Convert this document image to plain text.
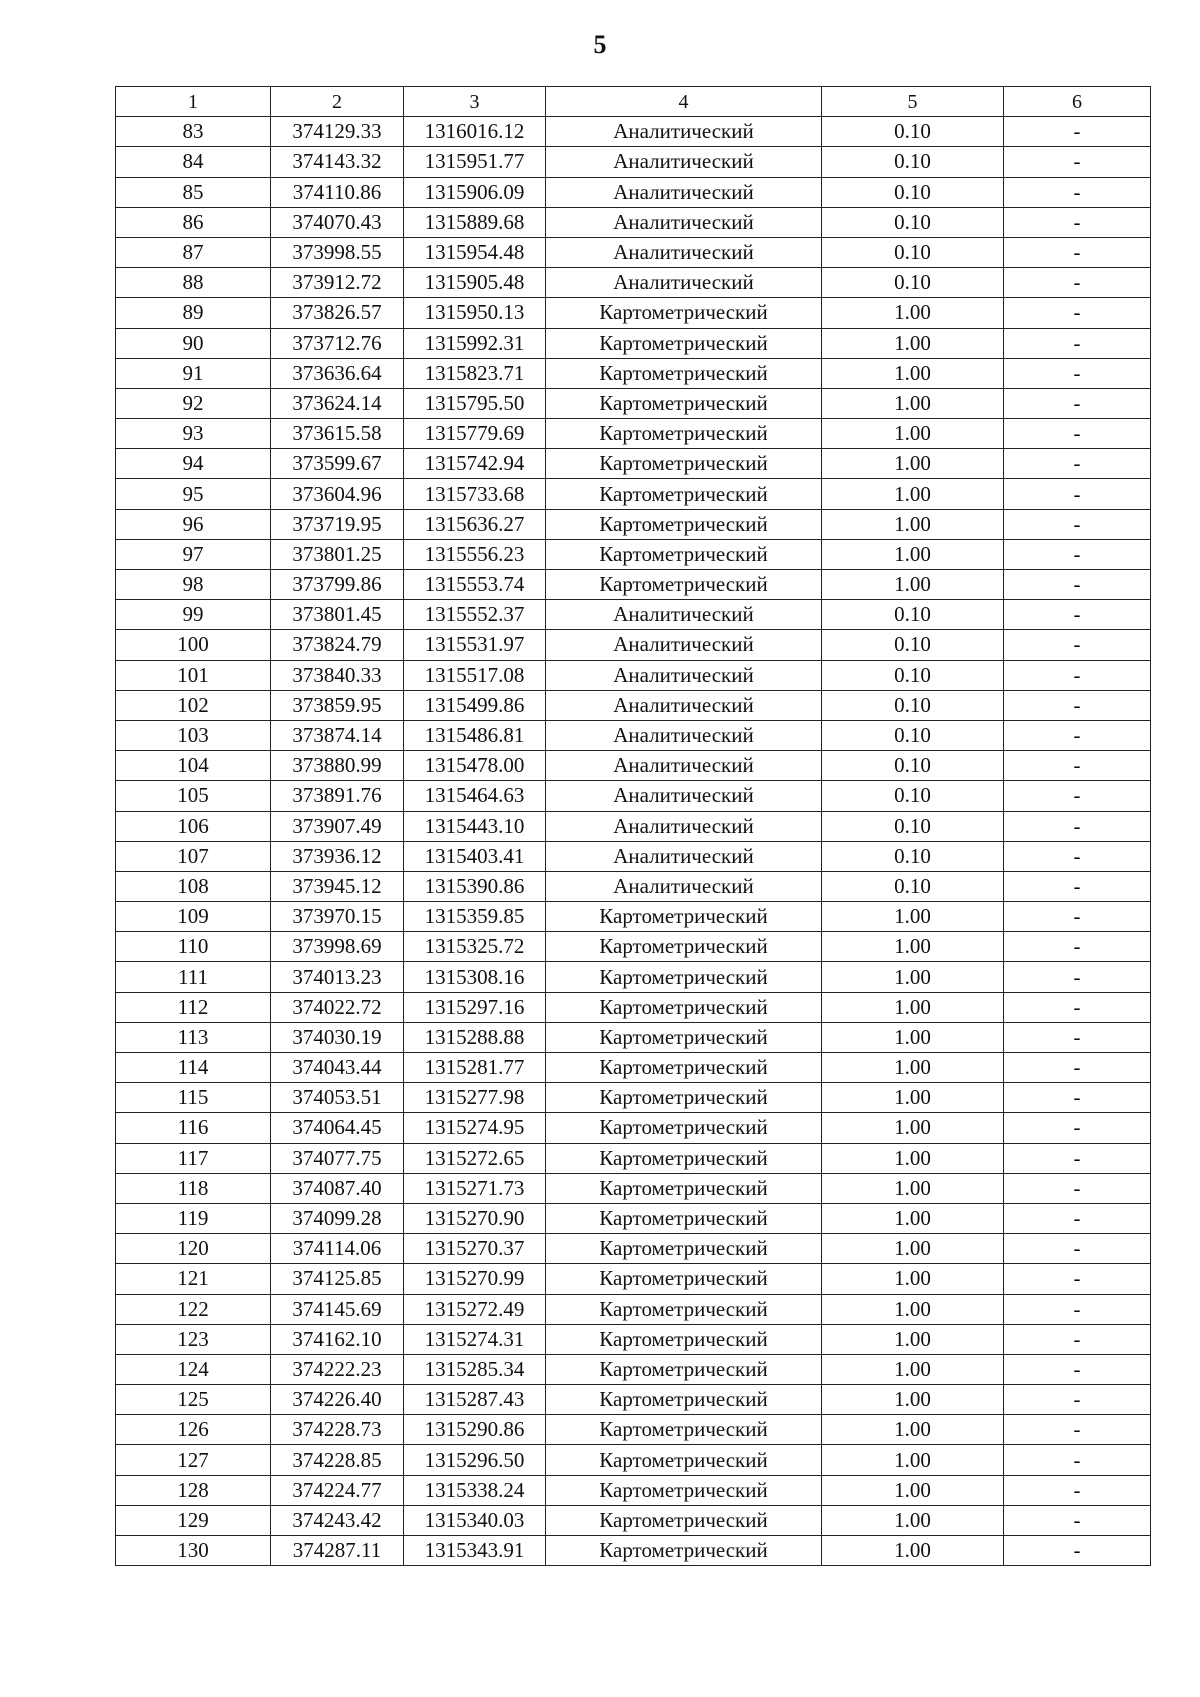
5
1	2	3	4	5	6
83	374129.33	1316016.12	Аналитический	0.10	-
84	374143.32	1315951.77	Аналитический	0.10	-
85	374110.86	1315906.09	Аналитический	0.10	-
86	374070.43	1315889.68	Аналитический	0.10	-
87	373998.55	1315954.48	Аналитический	0.10	-
88	373912.72	1315905.48	Аналитический	0.10	-
89	373826.57	1315950.13	Картометрический	1.00	-
90	373712.76	1315992.31	Картометрический	1.00	-
91	373636.64	1315823.71	Картометрический	1.00	-
92	373624.14	1315795.50	Картометрический	1.00	-
93	373615.58	1315779.69	Картометрический	1.00	-
94	373599.67	1315742.94	Картометрический	1.00	-
95	373604.96	1315733.68	Картометрический	1.00	-
96	373719.95	1315636.27	Картометрический	1.00	-
97	373801.25	1315556.23	Картометрический	1.00	-
98	373799.86	1315553.74	Картометрический	1.00	-
99	373801.45	1315552.37	Аналитический	0.10	-
100	373824.79	1315531.97	Аналитический	0.10	-
101	373840.33	1315517.08	Аналитический	0.10	-
102	373859.95	1315499.86	Аналитический	0.10	-
103	373874.14	1315486.81	Аналитический	0.10	-
104	373880.99	1315478.00	Аналитический	0.10	-
105	373891.76	1315464.63	Аналитический	0.10	-
106	373907.49	1315443.10	Аналитический	0.10	-
107	373936.12	1315403.41	Аналитический	0.10	-
108	373945.12	1315390.86	Аналитический	0.10	-
109	373970.15	1315359.85	Картометрический	1.00	-
110	373998.69	1315325.72	Картометрический	1.00	-
111	374013.23	1315308.16	Картометрический	1.00	-
112	374022.72	1315297.16	Картометрический	1.00	-
113	374030.19	1315288.88	Картометрический	1.00	-
114	374043.44	1315281.77	Картометрический	1.00	-
115	374053.51	1315277.98	Картометрический	1.00	-
116	374064.45	1315274.95	Картометрический	1.00	-
117	374077.75	1315272.65	Картометрический	1.00	-
118	374087.40	1315271.73	Картометрический	1.00	-
119	374099.28	1315270.90	Картометрический	1.00	-
120	374114.06	1315270.37	Картометрический	1.00	-
121	374125.85	1315270.99	Картометрический	1.00	-
122	374145.69	1315272.49	Картометрический	1.00	-
123	374162.10	1315274.31	Картометрический	1.00	-
124	374222.23	1315285.34	Картометрический	1.00	-
125	374226.40	1315287.43	Картометрический	1.00	-
126	374228.73	1315290.86	Картометрический	1.00	-
127	374228.85	1315296.50	Картометрический	1.00	-
128	374224.77	1315338.24	Картометрический	1.00	-
129	374243.42	1315340.03	Картометрический	1.00	-
130	374287.11	1315343.91	Картометрический	1.00	-
